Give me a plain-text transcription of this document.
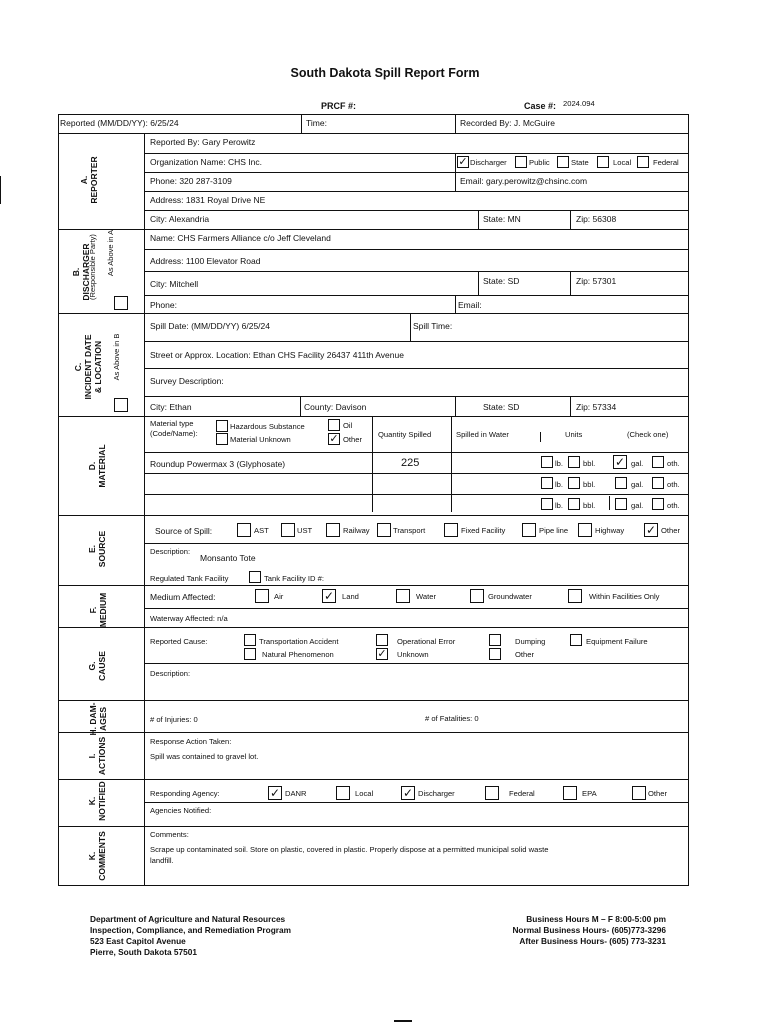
South Dakota Spill Report Form
PRCF #:	Case #: 2024.094
Reported (MM/DD/YY): 6/25/24	Time:	Recorded By: J. McGuire
A.
REPORTER
Reported By: Gary Perowitz
Organization Name: CHS Inc.	✓ Discharger	Public	State	Local	Federal
Phone: 320 287-3109	Email: gary.perowitz@chsinc.com
Address: 1831 Royal Drive NE
City: Alexandria	State: MN	Zip: 56308
B.
DISCHARGER
(Responsible Party) As Above in A	Name: CHS Farmers Alliance c/o Jeff Cleveland
Address: 1100 Elevator Road
City: Mitchell	State: SD	Zip: 57301
Phone:	Email:
C.
INCIDENT DATE
& LOCATION	As Above in B
Spill Date: (MM/DD/YY) 6/25/24	Spill Time:
Street or Approx. Location: Ethan CHS Facility 26437 411th Avenue
Survey Description:
City: Ethan	County: Davison	State: SD	Zip: 57334
D.
MATERIAL
Material type
(Code/Name):
Hazardous Substance
Material Unknown
Oil
✓ Other
Quantity Spilled	Spilled in Water	Units	(Check one)
Roundup Powermax 3 (Glyphosate)	225	lb.	bbl. ✓ gal.	oth.
lb.	bbl.	gal.	oth.
lb.	bbl.	gal.	oth.
E.
SOURCE	Source of Spill:	AST	UST	Railway	Transport	Fixed Facility	Pipe line	Highway ✓ Other
Description:
Monsanto Tote
Regulated Tank Facility	Tank Facility ID #:
F.
MEDIUM	Medium Affected:	Air	✓ Land	Water	Groundwater	Within Facilities Only
Waterway Affected: n/a
G.
CAUSE
Reported Cause:	Transportation Accident
Natural Phenomenon
Operational Error
✓ Unknown
Dumping
Other
Equipment Failure
Description:
H. DAM-
AGES	# of Injuries: 0	# of Fatalities: 0
I.
ACTIONS	Response Action Taken:
Spill was contained to gravel lot.
K.
NOTIFIED	Responding Agency:	✓ DANR	Local ✓ Discharger	Federal	EPA	Other
Agencies Notified:
K.
COMMENTS	Comments:
Scrape up contaminated soil. Store on plastic, covered in plastic. Properly dispose at a permitted municipal solid waste
landfill.
Department of Agriculture and Natural Resources
Inspection, Compliance, and Remediation Program
523 East Capitol Avenue
Pierre, South Dakota 57501
Business Hours M – F 8:00-5:00 pm
Normal Business Hours- (605)773-3296
After Business Hours- (605) 773-3231
